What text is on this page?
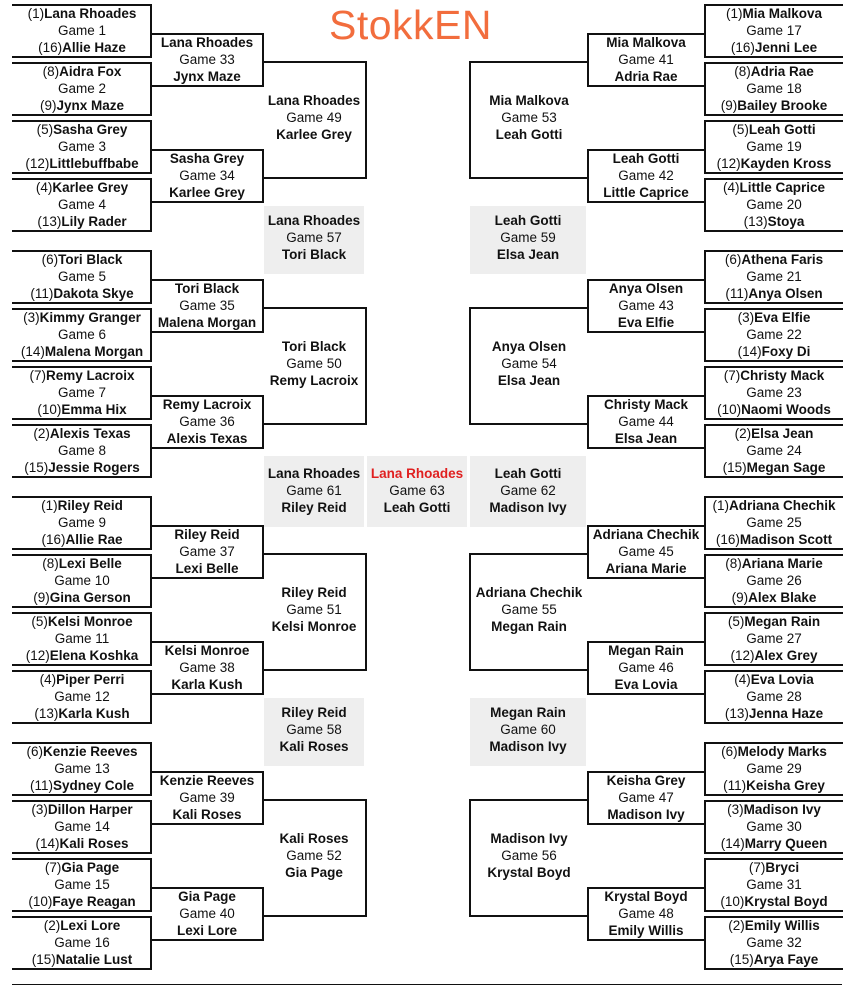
StokkEN
(1)Lana Rhoades
Game 1
(16)Allie Haze
(1)Mia Malkova
Game 17
(16)Jenni Lee
(8)Aidra Fox
Game 2
(9)Jynx Maze
(8)Adria Rae
Game 18
(9)Bailey Brooke
(5)Sasha Grey
Game 3
(12)Littlebuffbabe
(5)Leah Gotti
Game 19
(12)Kayden Kross
(4)Karlee Grey
Game 4
(13)Lily Rader
(4)Little Caprice
Game 20
(13)Stoya
(6)Tori Black
Game 5
(11)Dakota Skye
(6)Athena Faris
Game 21
(11)Anya Olsen
(3)Kimmy Granger
Game 6
(14)Malena Morgan
(3)Eva Elfie
Game 22
(14)Foxy Di
(7)Remy Lacroix
Game 7
(10)Emma Hix
(7)Christy Mack
Game 23
(10)Naomi Woods
(2)Alexis Texas
Game 8
(15)Jessie Rogers
(2)Elsa Jean
Game 24
(15)Megan Sage
(1)Riley Reid
Game 9
(16)Allie Rae
(1)Adriana Chechik
Game 25
(16)Madison Scott
(8)Lexi Belle
Game 10
(9)Gina Gerson
(8)Ariana Marie
Game 26
(9)Alex Blake
(5)Kelsi Monroe
Game 11
(12)Elena Koshka
(5)Megan Rain
Game 27
(12)Alex Grey
(4)Piper Perri
Game 12
(13)Karla Kush
(4)Eva Lovia
Game 28
(13)Jenna Haze
(6)Kenzie Reeves
Game 13
(11)Sydney Cole
(6)Melody Marks
Game 29
(11)Keisha Grey
(3)Dillon Harper
Game 14
(14)Kali Roses
(3)Madison Ivy
Game 30
(14)Marry Queen
(7)Gia Page
Game 15
(10)Faye Reagan
(7)Bryci
Game 31
(10)Krystal Boyd
(2)Lexi Lore
Game 16
(15)Natalie Lust
(2)Emily Willis
Game 32
(15)Arya Faye
Lana Rhoades
Game 33
Jynx Maze
Mia Malkova
Game 41
Adria Rae
Sasha Grey
Game 34
Karlee Grey
Leah Gotti
Game 42
Little Caprice
Tori Black
Game 35
Malena Morgan
Anya Olsen
Game 43
Eva Elfie
Remy Lacroix
Game 36
Alexis Texas
Christy Mack
Game 44
Elsa Jean
Riley Reid
Game 37
Lexi Belle
Adriana Chechik
Game 45
Ariana Marie
Kelsi Monroe
Game 38
Karla Kush
Megan Rain
Game 46
Eva Lovia
Kenzie Reeves
Game 39
Kali Roses
Keisha Grey
Game 47
Madison Ivy
Gia Page
Game 40
Lexi Lore
Krystal Boyd
Game 48
Emily Willis
Lana Rhoades
Game 49
Karlee Grey
Mia Malkova
Game 53
Leah Gotti
Tori Black
Game 50
Remy Lacroix
Anya Olsen
Game 54
Elsa Jean
Riley Reid
Game 51
Kelsi Monroe
Adriana Chechik
Game 55
Megan Rain
Kali Roses
Game 52
Gia Page
Madison Ivy
Game 56
Krystal Boyd
Lana Rhoades
Game 57
Tori Black
Leah Gotti
Game 59
Elsa Jean
Riley Reid
Game 58
Kali Roses
Megan Rain
Game 60
Madison Ivy
Lana Rhoades
Game 61
Riley Reid
Leah Gotti
Game 62
Madison Ivy
Lana Rhoades
Game 63
Leah Gotti
